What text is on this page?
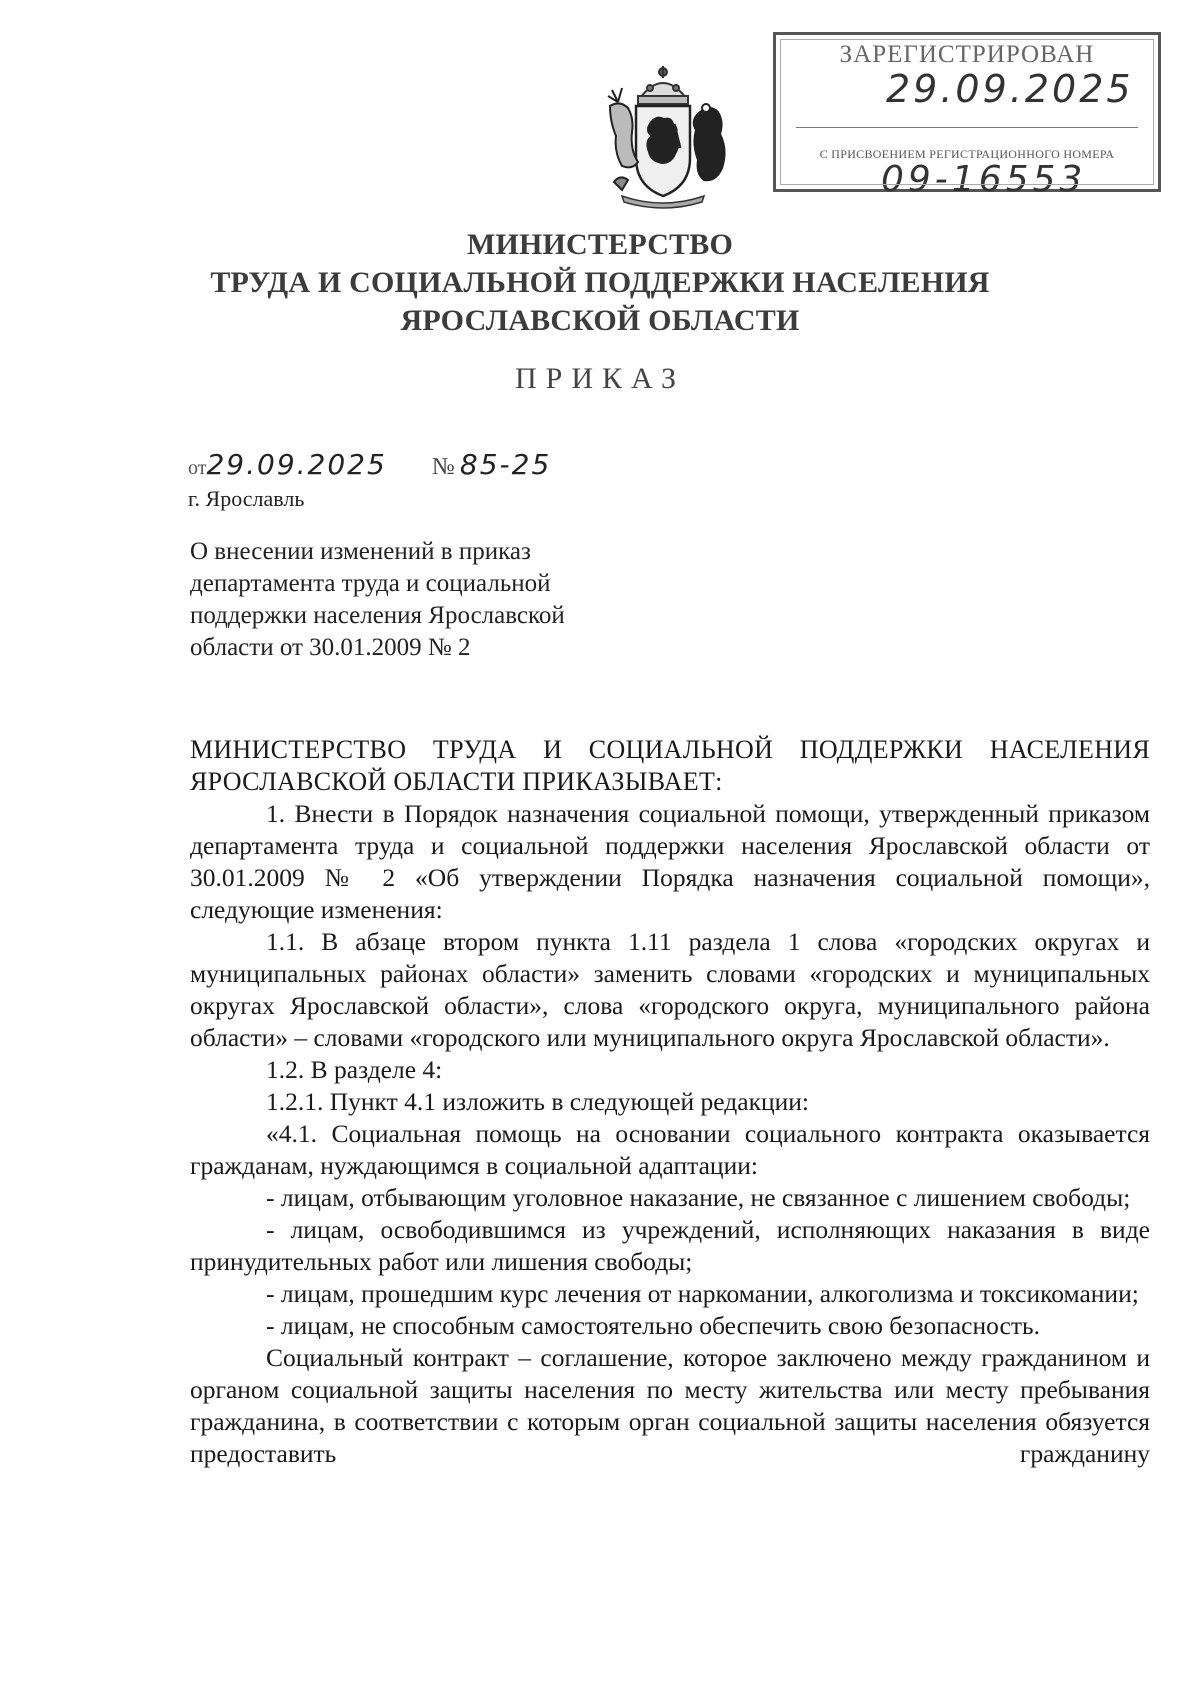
ЗАРЕГИСТРИРОВАН
29.09.2025
С ПРИСВОЕНИЕМ РЕГИСТРАЦИОННОГО НОМЕРА
09-16553
МИНИСТЕРСТВО
ТРУДА И СОЦИАЛЬНОЙ ПОДДЕРЖКИ НАСЕЛЕНИЯ
ЯРОСЛАВСКОЙ ОБЛАСТИ
ПРИКАЗ
от29.09.2025 № 85-25
г. Ярославль
О внесении изменений в приказ
департамента труда и социальной
поддержки населения Ярославской
области от 30.01.2009 № 2

МИНИСТЕРСТВО ТРУДА И СОЦИАЛЬНОЙ ПОДДЕРЖКИ НАСЕЛЕНИЯ ЯРОСЛАВСКОЙ ОБЛАСТИ ПРИКАЗЫВАЕТ:

1. Внести в Порядок назначения социальной помощи, утвержденный приказом департамента труда и социальной поддержки населения Ярославской области от 30.01.2009 № 2 «Об утверждении Порядка назначения социальной помощи», следующие изменения:

1.1. В абзаце втором пункта 1.11 раздела 1 слова «городских округах и муниципальных районах области» заменить словами «городских и муниципальных округах Ярославской области», слова «городского округа, муниципального района области» – словами «городского или муниципального округа Ярославской области».

1.2. В разделе 4:

1.2.1. Пункт 4.1 изложить в следующей редакции:

«4.1. Социальная помощь на основании социального контракта оказывается гражданам, нуждающимся в социальной адаптации:

- лицам, отбывающим уголовное наказание, не связанное с лишением свободы;

- лицам, освободившимся из учреждений, исполняющих наказания в виде принудительных работ или лишения свободы;

- лицам, прошедшим курс лечения от наркомании, алкоголизма и токсикомании;

- лицам, не способным самостоятельно обеспечить свою безопасность.

Социальный контракт – соглашение, которое заключено между гражданином и органом социальной защиты населения по месту жительства или месту пребывания гражданина, в соответствии с которым орган социальной защиты населения обязуется предоставить гражданину
